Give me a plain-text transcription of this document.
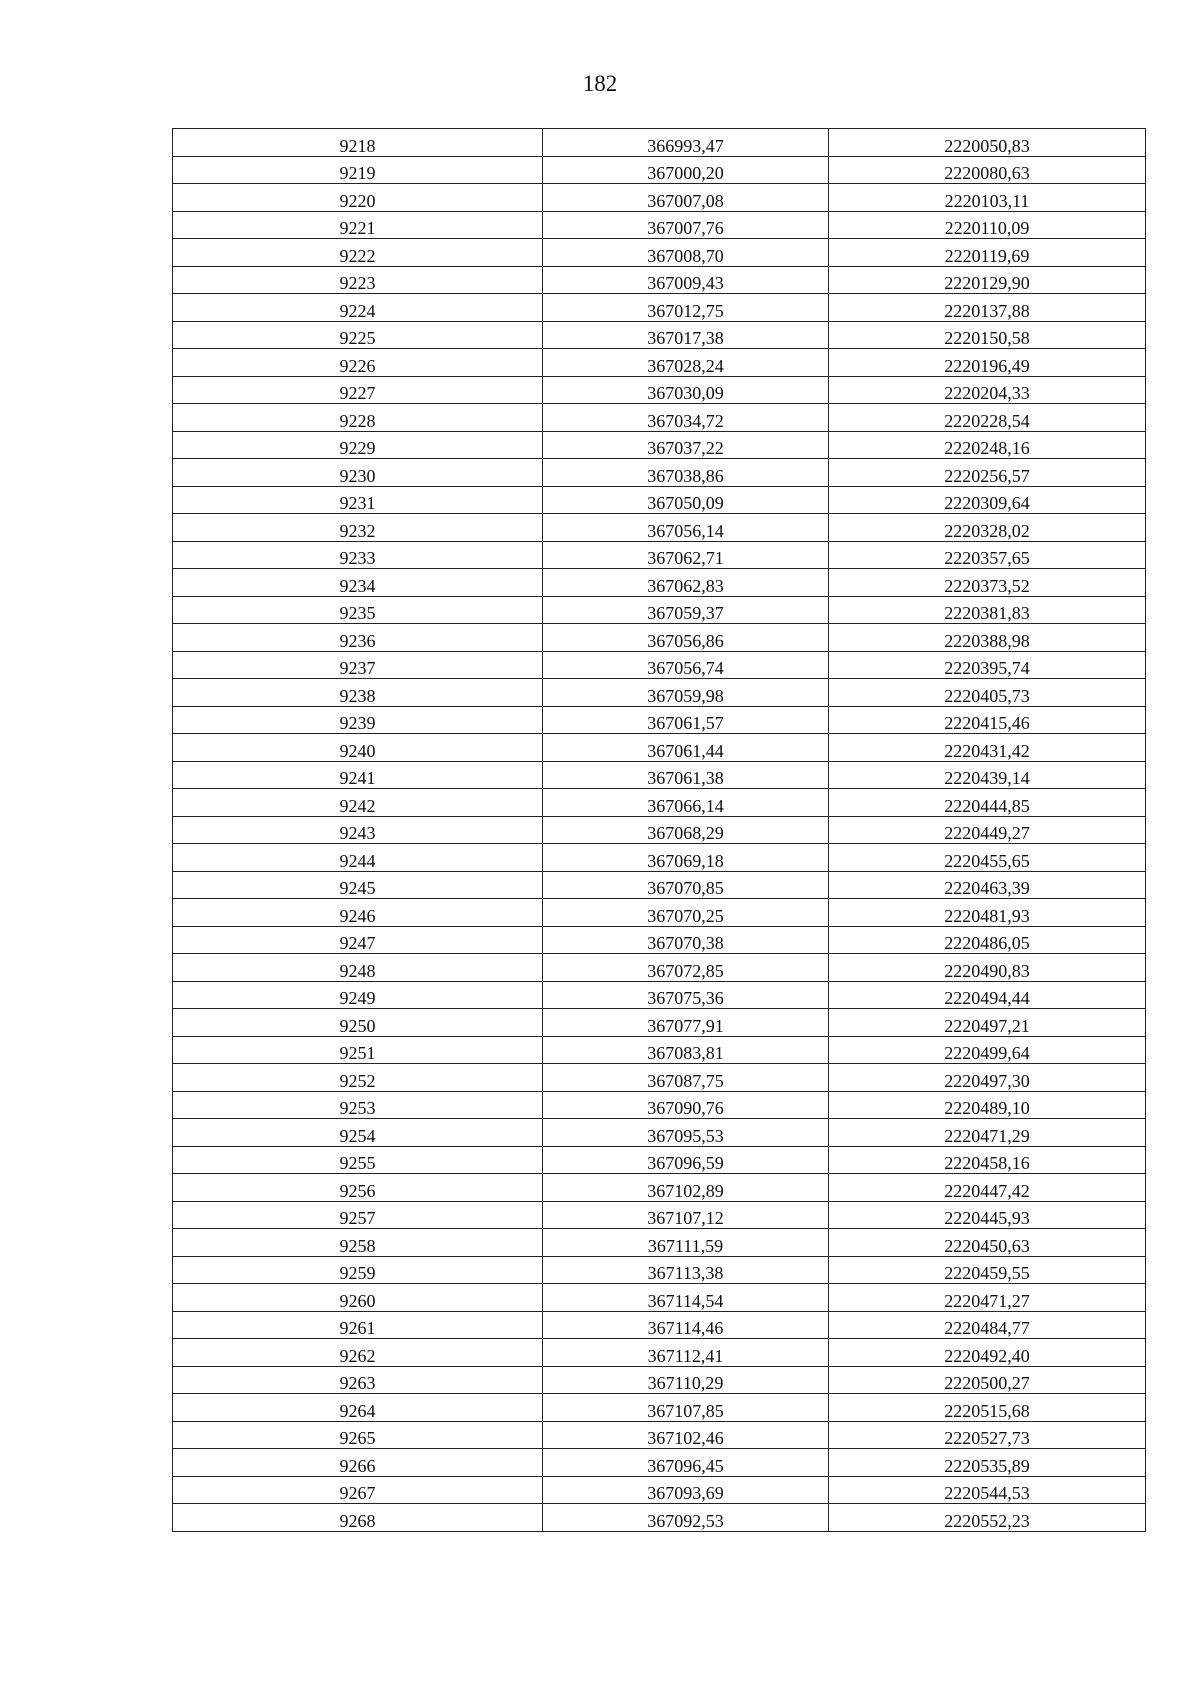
182
9218	366993,47	2220050,83
9219	367000,20	2220080,63
9220	367007,08	2220103,11
9221	367007,76	2220110,09
9222	367008,70	2220119,69
9223	367009,43	2220129,90
9224	367012,75	2220137,88
9225	367017,38	2220150,58
9226	367028,24	2220196,49
9227	367030,09	2220204,33
9228	367034,72	2220228,54
9229	367037,22	2220248,16
9230	367038,86	2220256,57
9231	367050,09	2220309,64
9232	367056,14	2220328,02
9233	367062,71	2220357,65
9234	367062,83	2220373,52
9235	367059,37	2220381,83
9236	367056,86	2220388,98
9237	367056,74	2220395,74
9238	367059,98	2220405,73
9239	367061,57	2220415,46
9240	367061,44	2220431,42
9241	367061,38	2220439,14
9242	367066,14	2220444,85
9243	367068,29	2220449,27
9244	367069,18	2220455,65
9245	367070,85	2220463,39
9246	367070,25	2220481,93
9247	367070,38	2220486,05
9248	367072,85	2220490,83
9249	367075,36	2220494,44
9250	367077,91	2220497,21
9251	367083,81	2220499,64
9252	367087,75	2220497,30
9253	367090,76	2220489,10
9254	367095,53	2220471,29
9255	367096,59	2220458,16
9256	367102,89	2220447,42
9257	367107,12	2220445,93
9258	367111,59	2220450,63
9259	367113,38	2220459,55
9260	367114,54	2220471,27
9261	367114,46	2220484,77
9262	367112,41	2220492,40
9263	367110,29	2220500,27
9264	367107,85	2220515,68
9265	367102,46	2220527,73
9266	367096,45	2220535,89
9267	367093,69	2220544,53
9268	367092,53	2220552,23
